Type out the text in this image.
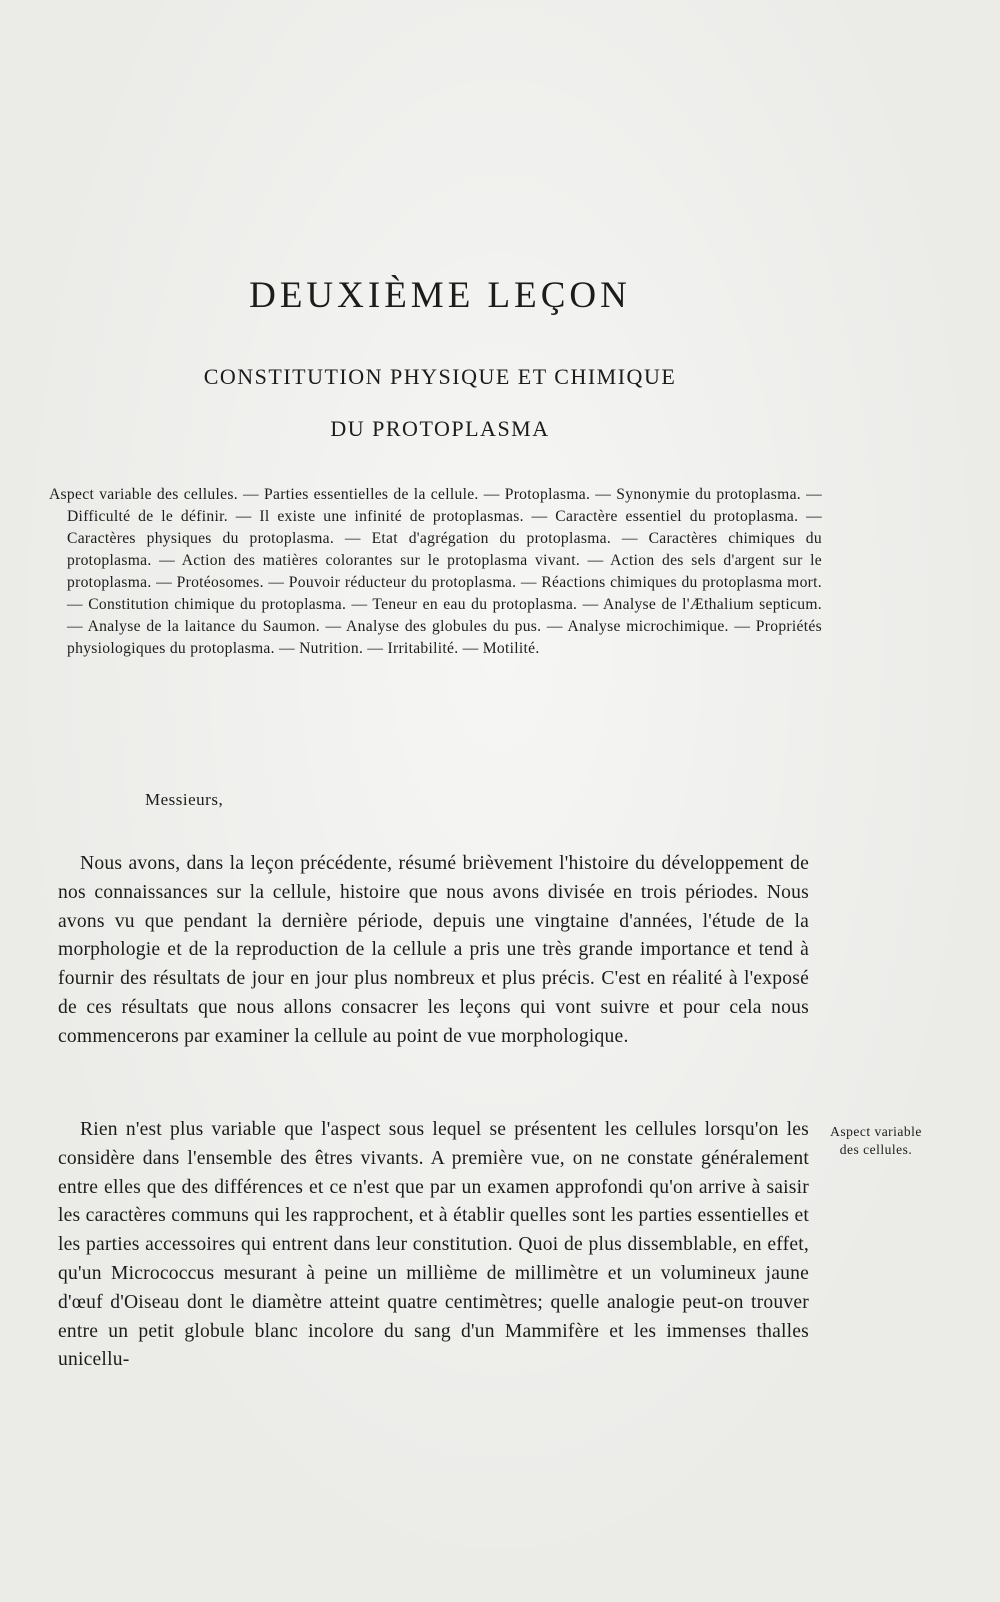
DEUXIÈME LEÇON
CONSTITUTION PHYSIQUE ET CHIMIQUE
DU PROTOPLASMA

Aspect variable des cellules. — Parties essentielles de la cellule. — Protoplasma. — Synonymie du protoplasma. — Difficulté de le définir. — Il existe une infinité de protoplasmas. — Caractère essentiel du protoplasma. — Caractères physiques du protoplasma. — Etat d'agrégation du protoplasma. — Caractères chimiques du protoplasma. — Action des matières colorantes sur le protoplasma vivant. — Action des sels d'argent sur le protoplasma. — Protéosomes. — Pouvoir réducteur du protoplasma. — Réactions chimiques du protoplasma mort. — Constitution chimique du protoplasma. — Teneur en eau du protoplasma. — Analyse de l'Æthalium septicum. — Analyse de la laitance du Saumon. — Analyse des globules du pus. — Analyse microchimique. — Propriétés physiologiques du protoplasma. — Nutrition. — Irritabilité. — Motilité.

Messieurs,

Nous avons, dans la leçon précédente, résumé brièvement l'histoire du développement de nos connaissances sur la cellule, histoire que nous avons divisée en trois périodes. Nous avons vu que pendant la dernière période, depuis une vingtaine d'années, l'étude de la morphologie et de la reproduction de la cellule a pris une très grande importance et tend à fournir des résultats de jour en jour plus nombreux et plus précis. C'est en réalité à l'exposé de ces résultats que nous allons consacrer les leçons qui vont suivre et pour cela nous commencerons par examiner la cellule au point de vue morphologique.

Rien n'est plus variable que l'aspect sous lequel se présentent les cellules lorsqu'on les considère dans l'ensemble des êtres vivants. A première vue, on ne constate généralement entre elles que des différences et ce n'est que par un examen approfondi qu'on arrive à saisir les caractères communs qui les rapprochent, et à établir quelles sont les parties essentielles et les parties accessoires qui entrent dans leur constitution. Quoi de plus dissemblable, en effet, qu'un Micrococcus mesurant à peine un millième de millimètre et un volumineux jaune d'œuf d'Oiseau dont le diamètre atteint quatre centimètres; quelle analogie peut-on trouver entre un petit globule blanc incolore du sang d'un Mammifère et les immenses thalles unicellu-

Aspect variable des cellules.
